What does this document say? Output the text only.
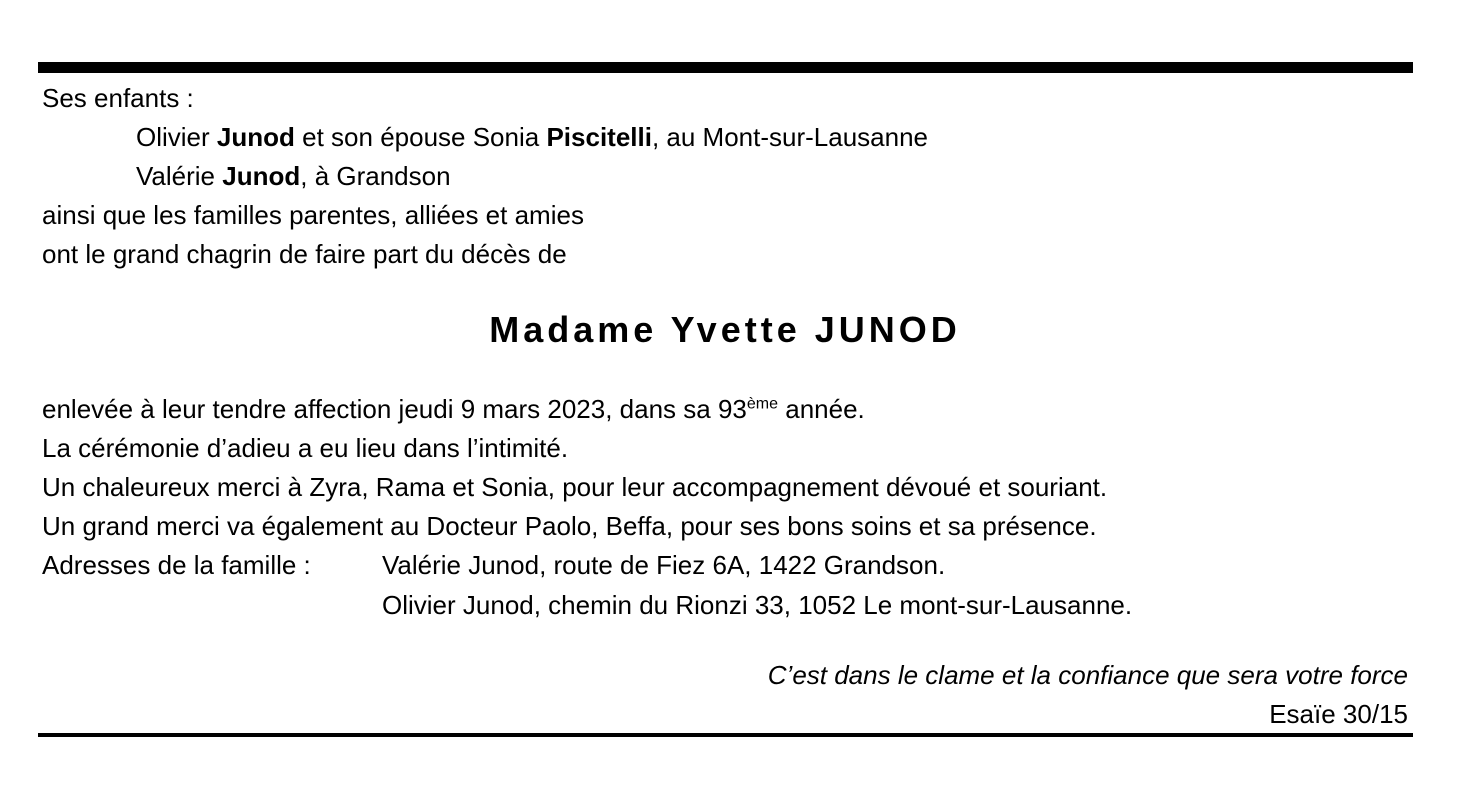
Ses enfants :
Olivier Junod et son épouse Sonia Piscitelli, au Mont-sur-Lausanne
Valérie Junod, à Grandson
ainsi que les familles parentes, alliées et amies
ont le grand chagrin de faire part du décès de
Madame Yvette JUNOD
enlevée à leur tendre affection jeudi 9 mars 2023, dans sa 93ème année.
La cérémonie d’adieu a eu lieu dans l’intimité.
Un chaleureux merci à Zyra, Rama et Sonia, pour leur accompagnement dévoué et souriant.
Un grand merci va également au Docteur Paolo, Beffa, pour ses bons soins et sa présence.
Adresses de la famille :	Valérie Junod, route de Fiez 6A, 1422 Grandson.
Olivier Junod, chemin du Rionzi 33, 1052 Le mont-sur-Lausanne.
C’est dans le clame et la confiance que sera votre force
Esaïe 30/15
